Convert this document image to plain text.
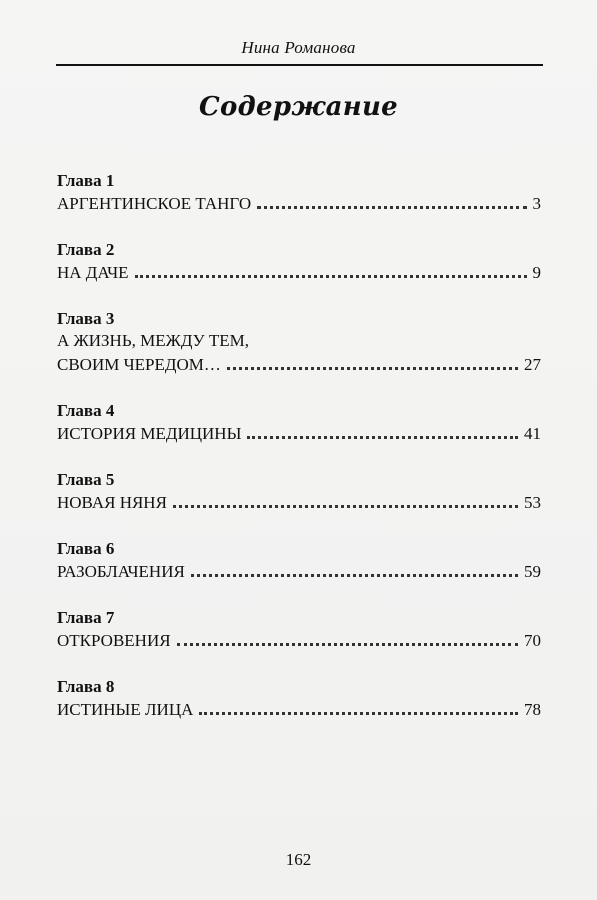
Нина Романова
Содержание
Глава 1
АРГЕНТИНСКОЕ ТАНГО	3
Глава 2
НА ДАЧЕ	9
Глава 3
А ЖИЗНЬ, МЕЖДУ ТЕМ,
СВОИМ ЧЕРЕДОМ…	27
Глава 4
ИСТОРИЯ МЕДИЦИНЫ	41
Глава 5
НОВАЯ НЯНЯ	53
Глава 6
РАЗОБЛАЧЕНИЯ	59
Глава 7
ОТКРОВЕНИЯ	70
Глава 8
ИСТИНЫЕ ЛИЦА	78
162
